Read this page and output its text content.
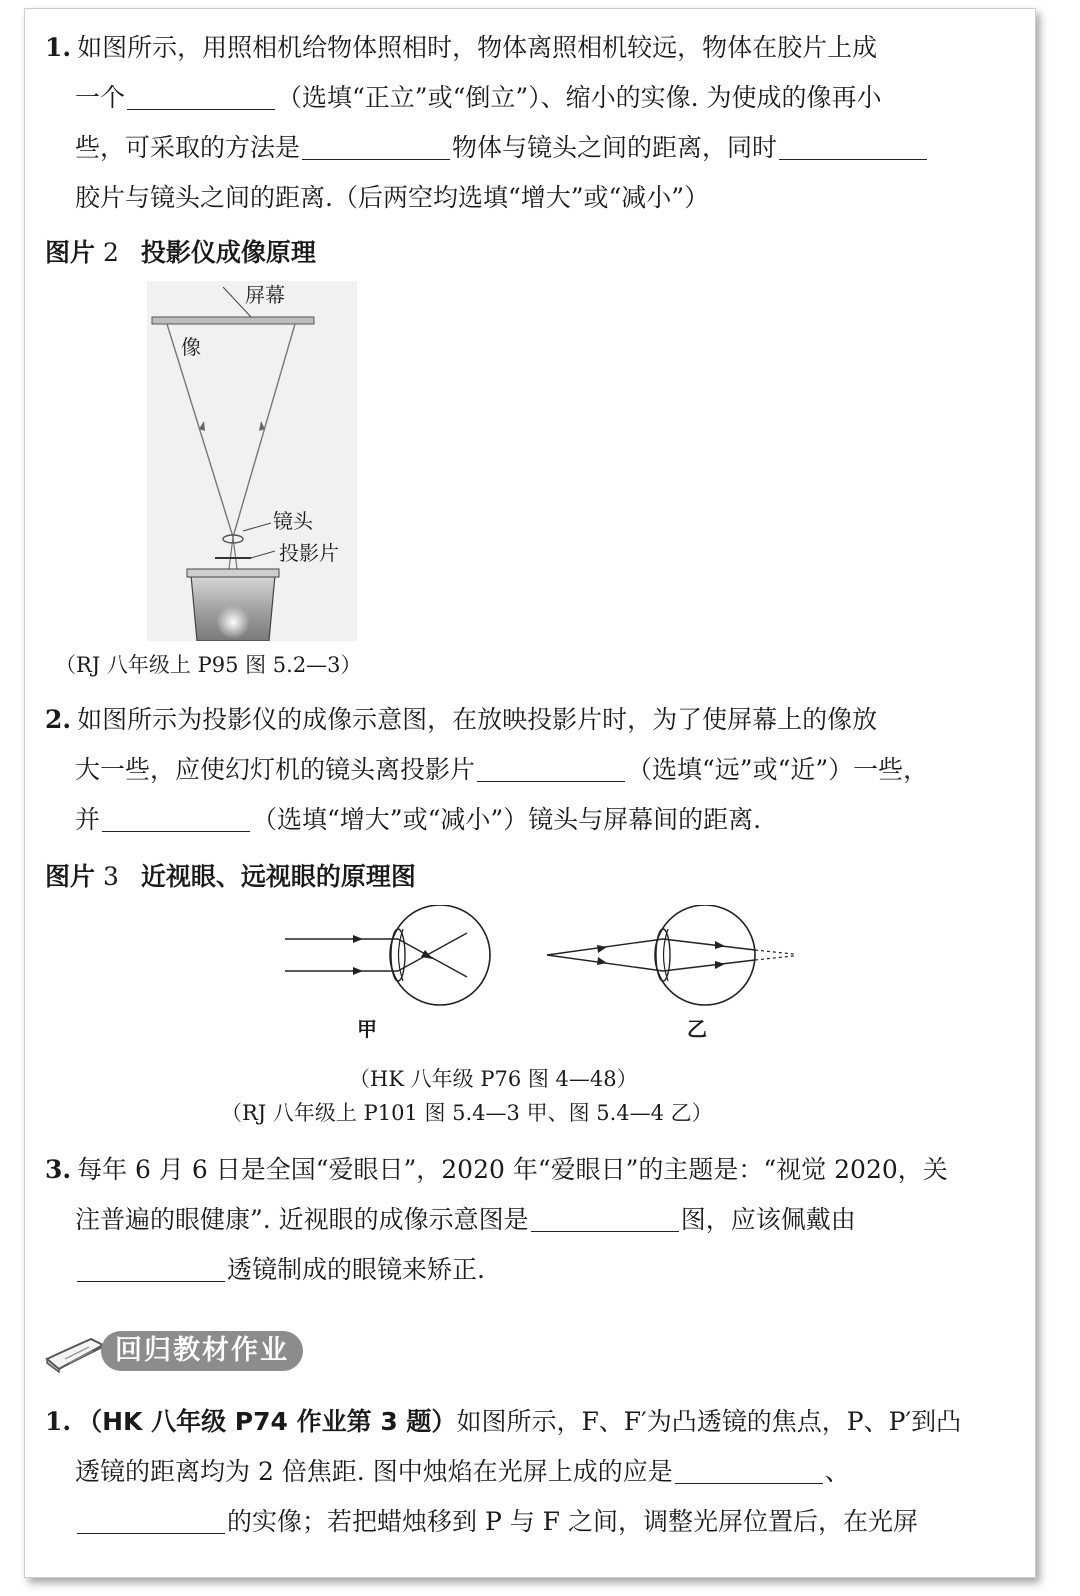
1. 如图所示，用照相机给物体照相时，物体离照相机较远，物体在胶片上成
一个	（选填“正立”或“倒立”）、缩小的实像. 为使成的像再小
些，可采取的方法是	物体与镜头之间的距离，同时
胶片与镜头之间的距离.（后两空均选填“增大”或“减小”）
图片 2 投影仪成像原理
屏幕
像
镜头
投影片
（RJ 八年级上 P95 图 5.2—3）
2. 如图所示为投影仪的成像示意图，在放映投影片时，为了使屏幕上的像放
大一些，应使幻灯机的镜头离投影片	（选填“远”或“近”）一些，
并	（选填“增大”或“减小”）镜头与屏幕间的距离.
图片 3 近视眼、远视眼的原理图
甲	乙
（HK 八年级 P76 图 4—48）
（RJ 八年级上 P101 图 5.4—3 甲、图 5.4—4 乙）
3. 每年 6 月 6 日是全国“爱眼日”，2020 年“爱眼日”的主题是：“视觉 2020，关
注普遍的眼健康”. 近视眼的成像示意图是	图，应该佩戴由
透镜制成的眼镜来矫正.
回归教材作业
1. （HK 八年级 P74 作业第 3 题）如图所示，F、F′为凸透镜的焦点，P、P′到凸
透镜的距离均为 2 倍焦距. 图中烛焰在光屏上成的应是	、
的实像；若把蜡烛移到 P 与 F 之间，调整光屏位置后，在光屏
